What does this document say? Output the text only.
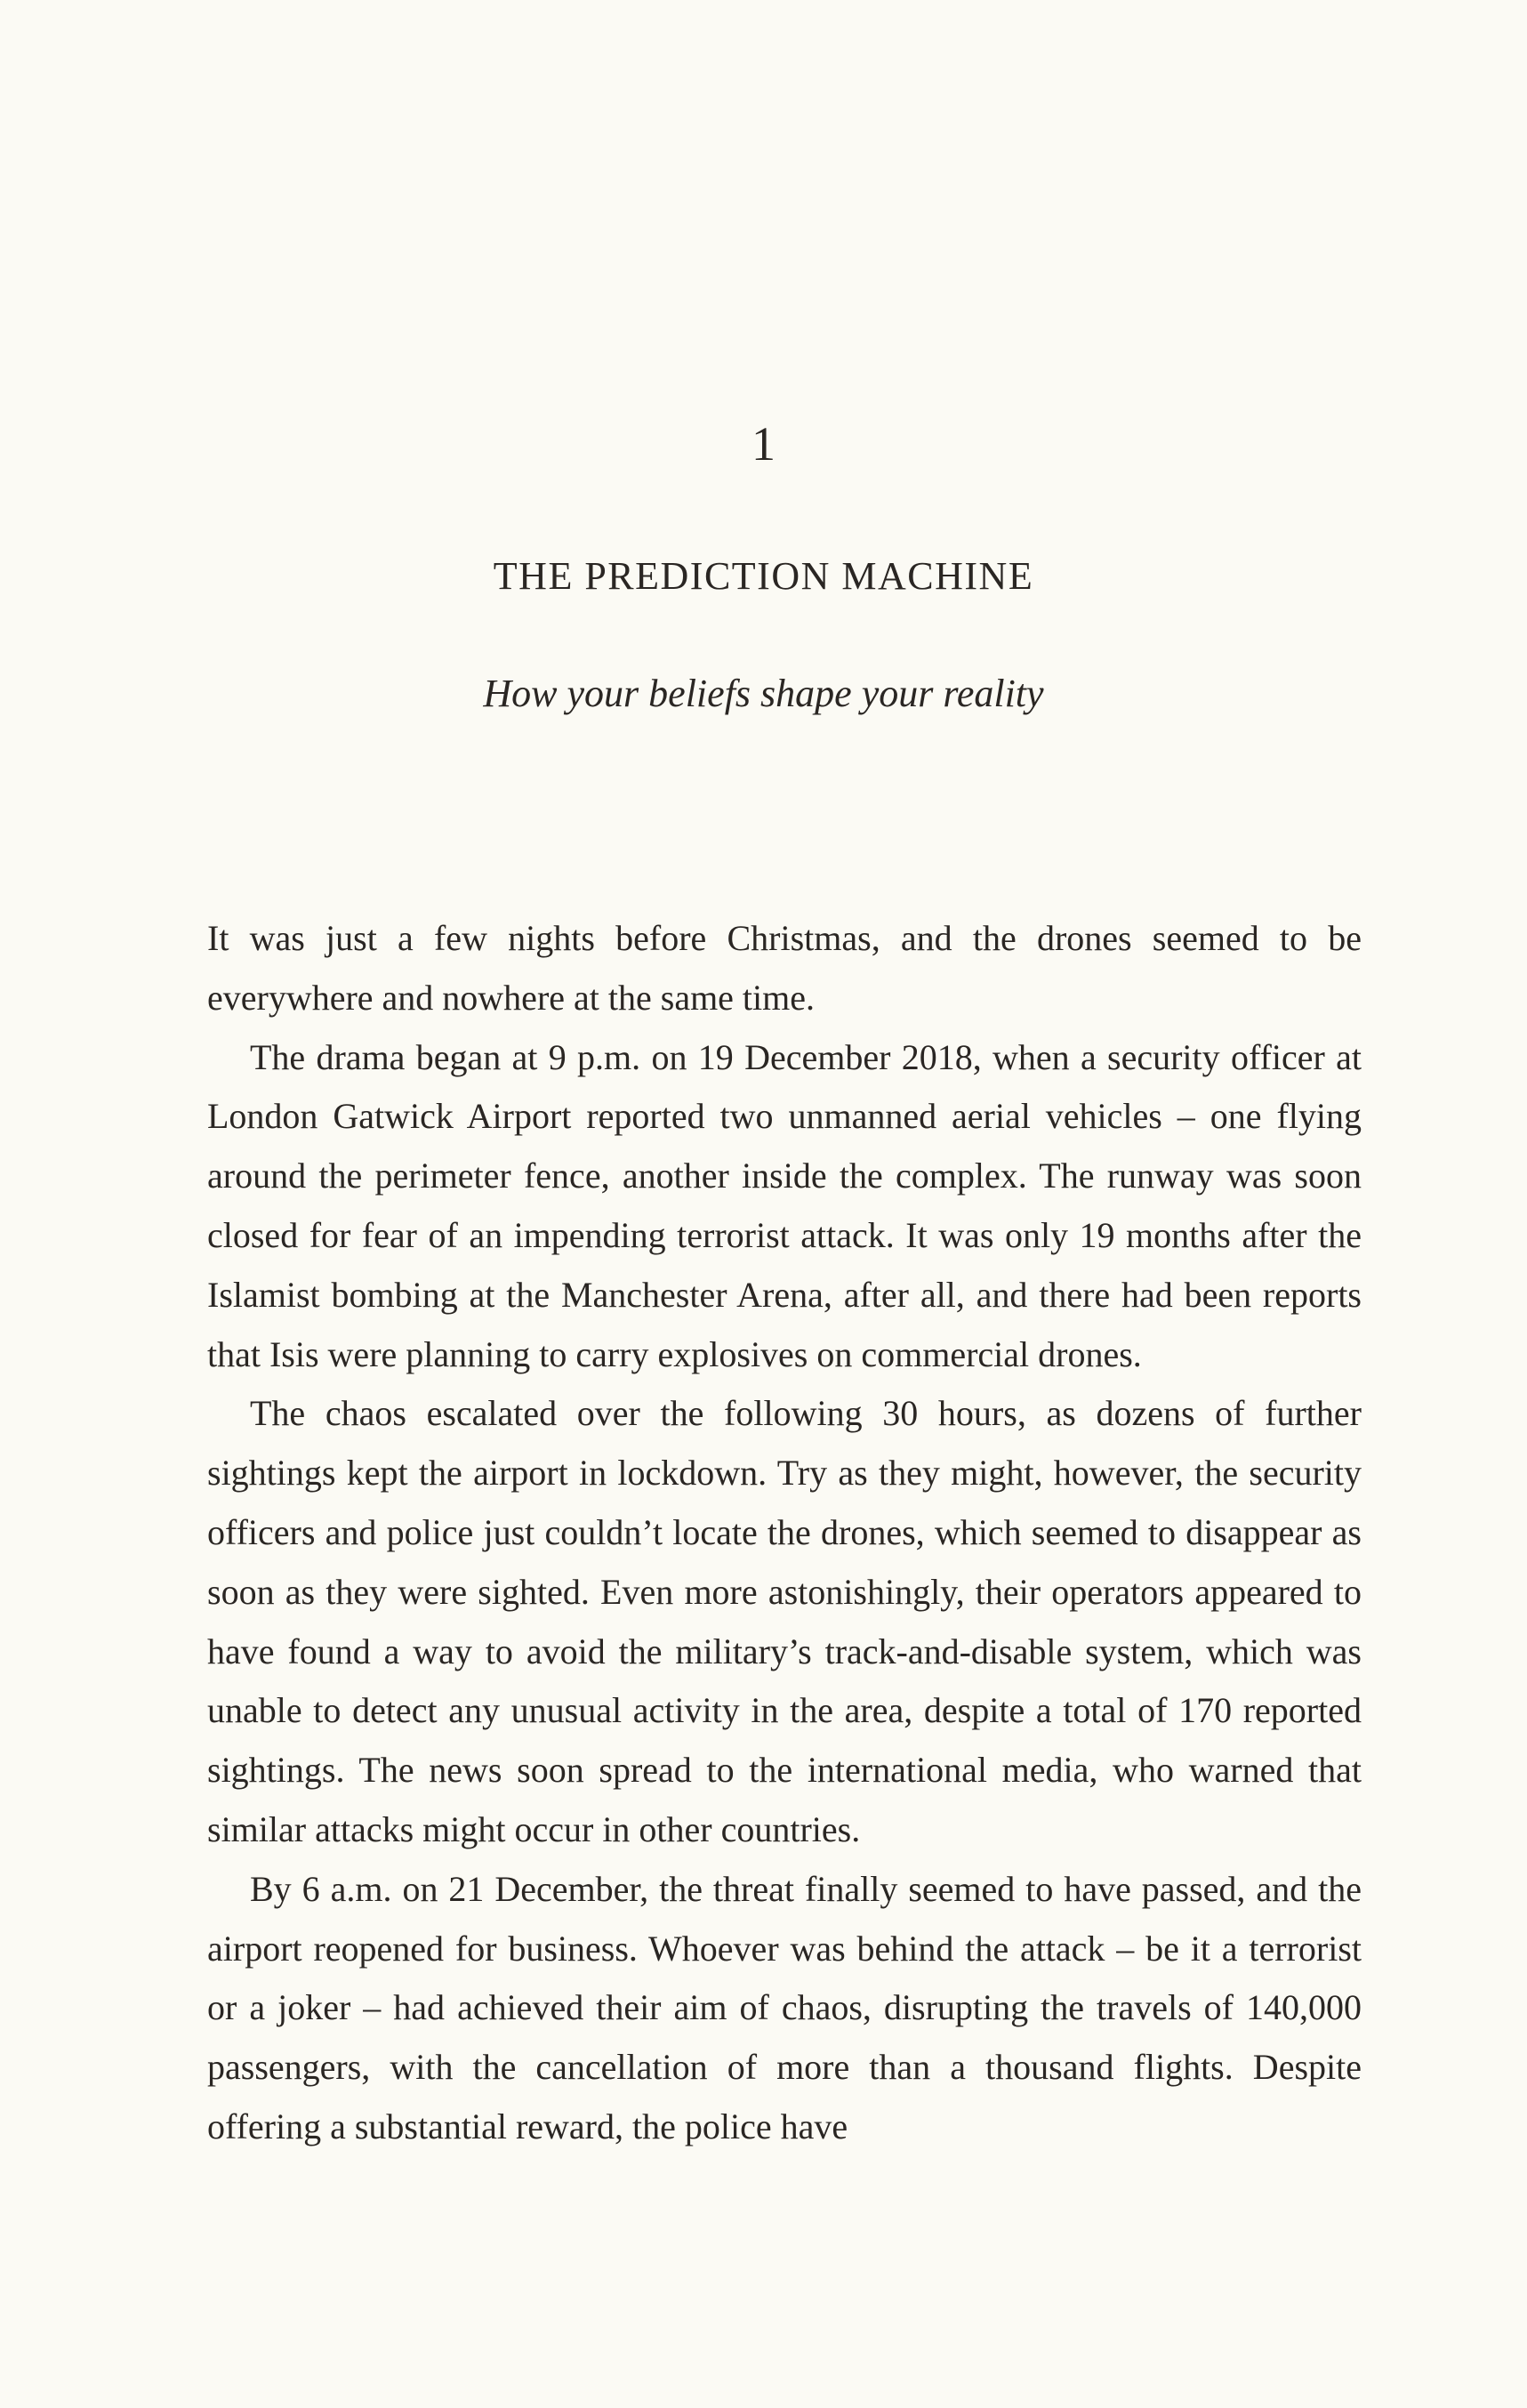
1
THE PREDICTION MACHINE
How your beliefs shape your reality

It was just a few nights before Christmas, and the drones seemed to be everywhere and nowhere at the same time.

The drama began at 9 p.m. on 19 December 2018, when a security officer at London Gatwick Airport reported two unmanned aerial vehicles – one flying around the perimeter fence, another inside the complex. The runway was soon closed for fear of an impending terrorist attack. It was only 19 months after the Islamist bombing at the Manchester Arena, after all, and there had been reports that Isis were planning to carry explosives on commercial drones.

The chaos escalated over the following 30 hours, as dozens of further sightings kept the airport in lockdown. Try as they might, however, the security officers and police just couldn’t locate the drones, which seemed to disappear as soon as they were sighted. Even more astonishingly, their operators appeared to have found a way to avoid the military’s track-and-disable system, which was unable to detect any unusual activity in the area, despite a total of 170 reported sightings. The news soon spread to the international media, who warned that similar attacks might occur in other countries.

By 6 a.m. on 21 December, the threat finally seemed to have passed, and the airport reopened for business. Whoever was behind the attack – be it a terrorist or a joker – had achieved their aim of chaos, disrupting the travels of 140,000 passengers, with the cancellation of more than a thousand flights. Despite offering a substantial reward, the police have
